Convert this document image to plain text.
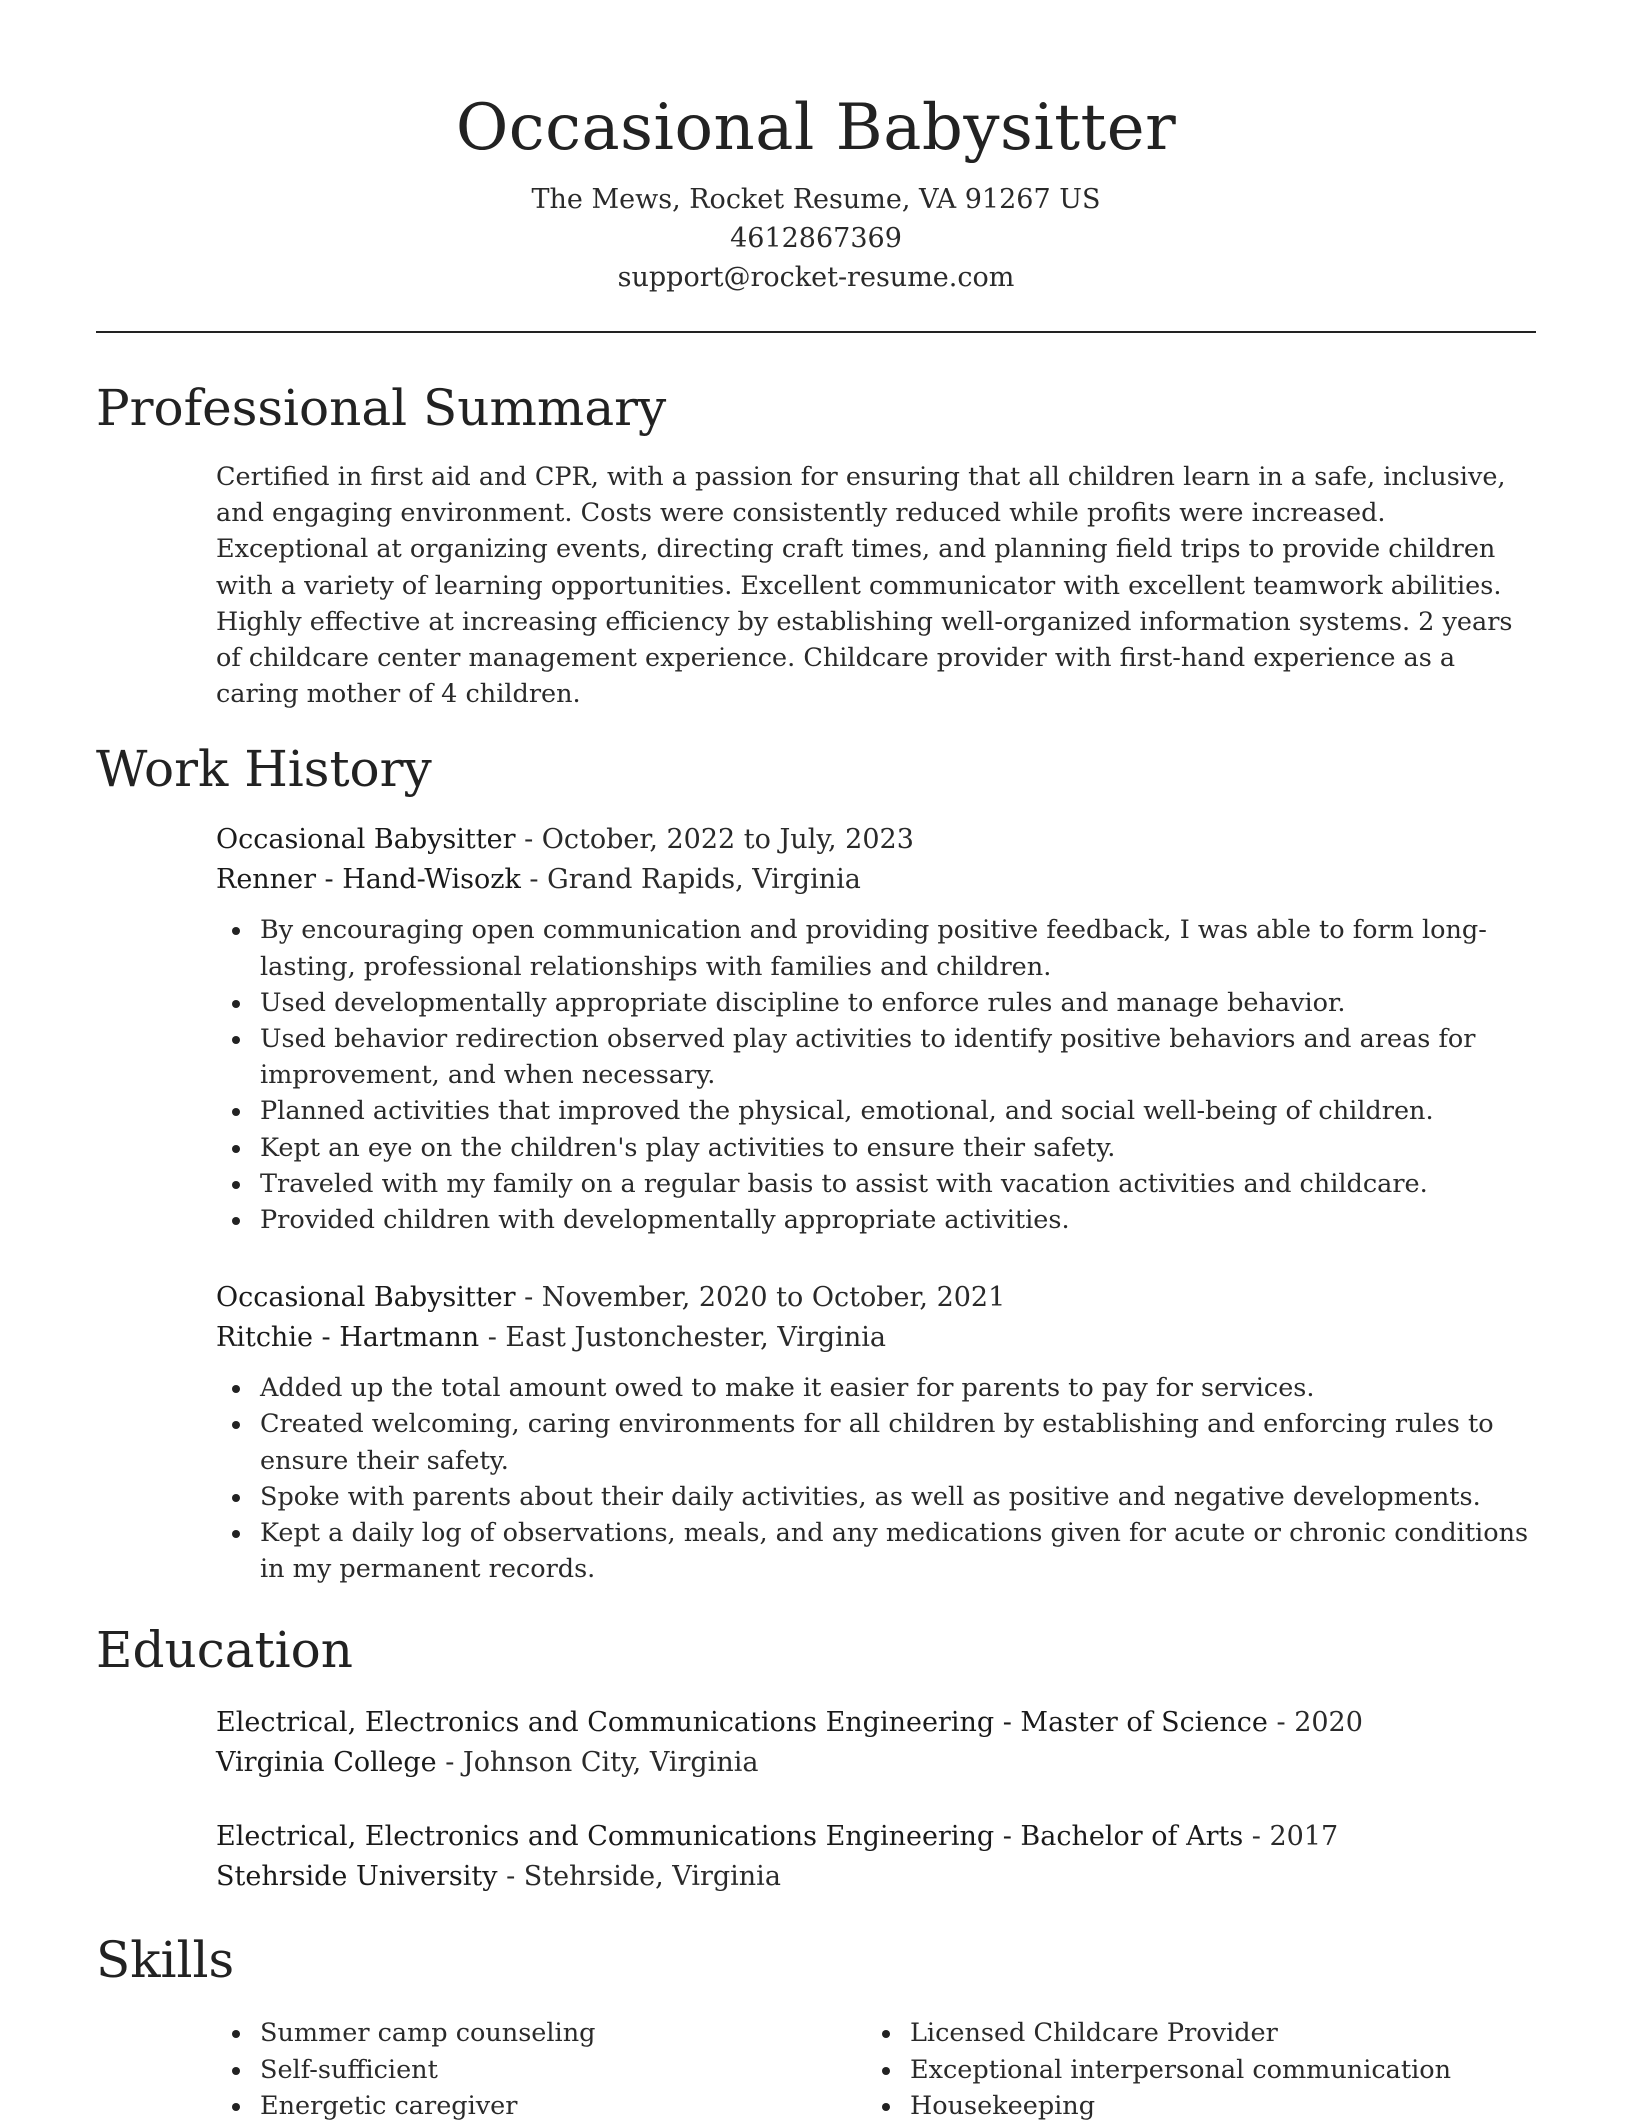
Occasional Babysitter
The Mews, Rocket Resume, VA 91267 US
4612867369
support@rocket-resume.com
Professional Summary

Certified in first aid and CPR, with a passion for ensuring that all children learn in a safe, inclusive, and engaging environment. Costs were consistently reduced while profits were increased. Exceptional at organizing events, directing craft times, and planning field trips to provide children with a variety of learning opportunities. Excellent communicator with excellent teamwork abilities. Highly effective at increasing efficiency by establishing well-organized information systems. 2 years of childcare center management experience. Childcare provider with first-hand experience as a caring mother of 4 children.

Work History
Occasional Babysitter - October, 2022 to July, 2023
Renner - Hand-Wisozk - Grand Rapids, Virginia
By encouraging open communication and providing positive feedback, I was able to form long-lasting, professional relationships with families and children.
Used developmentally appropriate discipline to enforce rules and manage behavior.
Used behavior redirection observed play activities to identify positive behaviors and areas for improvement, and when necessary.
Planned activities that improved the physical, emotional, and social well-being of children.
Kept an eye on the children's play activities to ensure their safety.
Traveled with my family on a regular basis to assist with vacation activities and childcare.
Provided children with developmentally appropriate activities.
Occasional Babysitter - November, 2020 to October, 2021
Ritchie - Hartmann - East Justonchester, Virginia
Added up the total amount owed to make it easier for parents to pay for services.
Created welcoming, caring environments for all children by establishing and enforcing rules to ensure their safety.
Spoke with parents about their daily activities, as well as positive and negative developments.
Kept a daily log of observations, meals, and any medications given for acute or chronic conditions in my permanent records.
Education
Electrical, Electronics and Communications Engineering - Master of Science - 2020
Virginia College - Johnson City, Virginia
Electrical, Electronics and Communications Engineering - Bachelor of Arts - 2017
Stehrside University - Stehrside, Virginia
Skills
Summer camp counseling
Self-sufficient
Energetic caregiver
Licensed Childcare Provider
Exceptional interpersonal communication
Housekeeping
